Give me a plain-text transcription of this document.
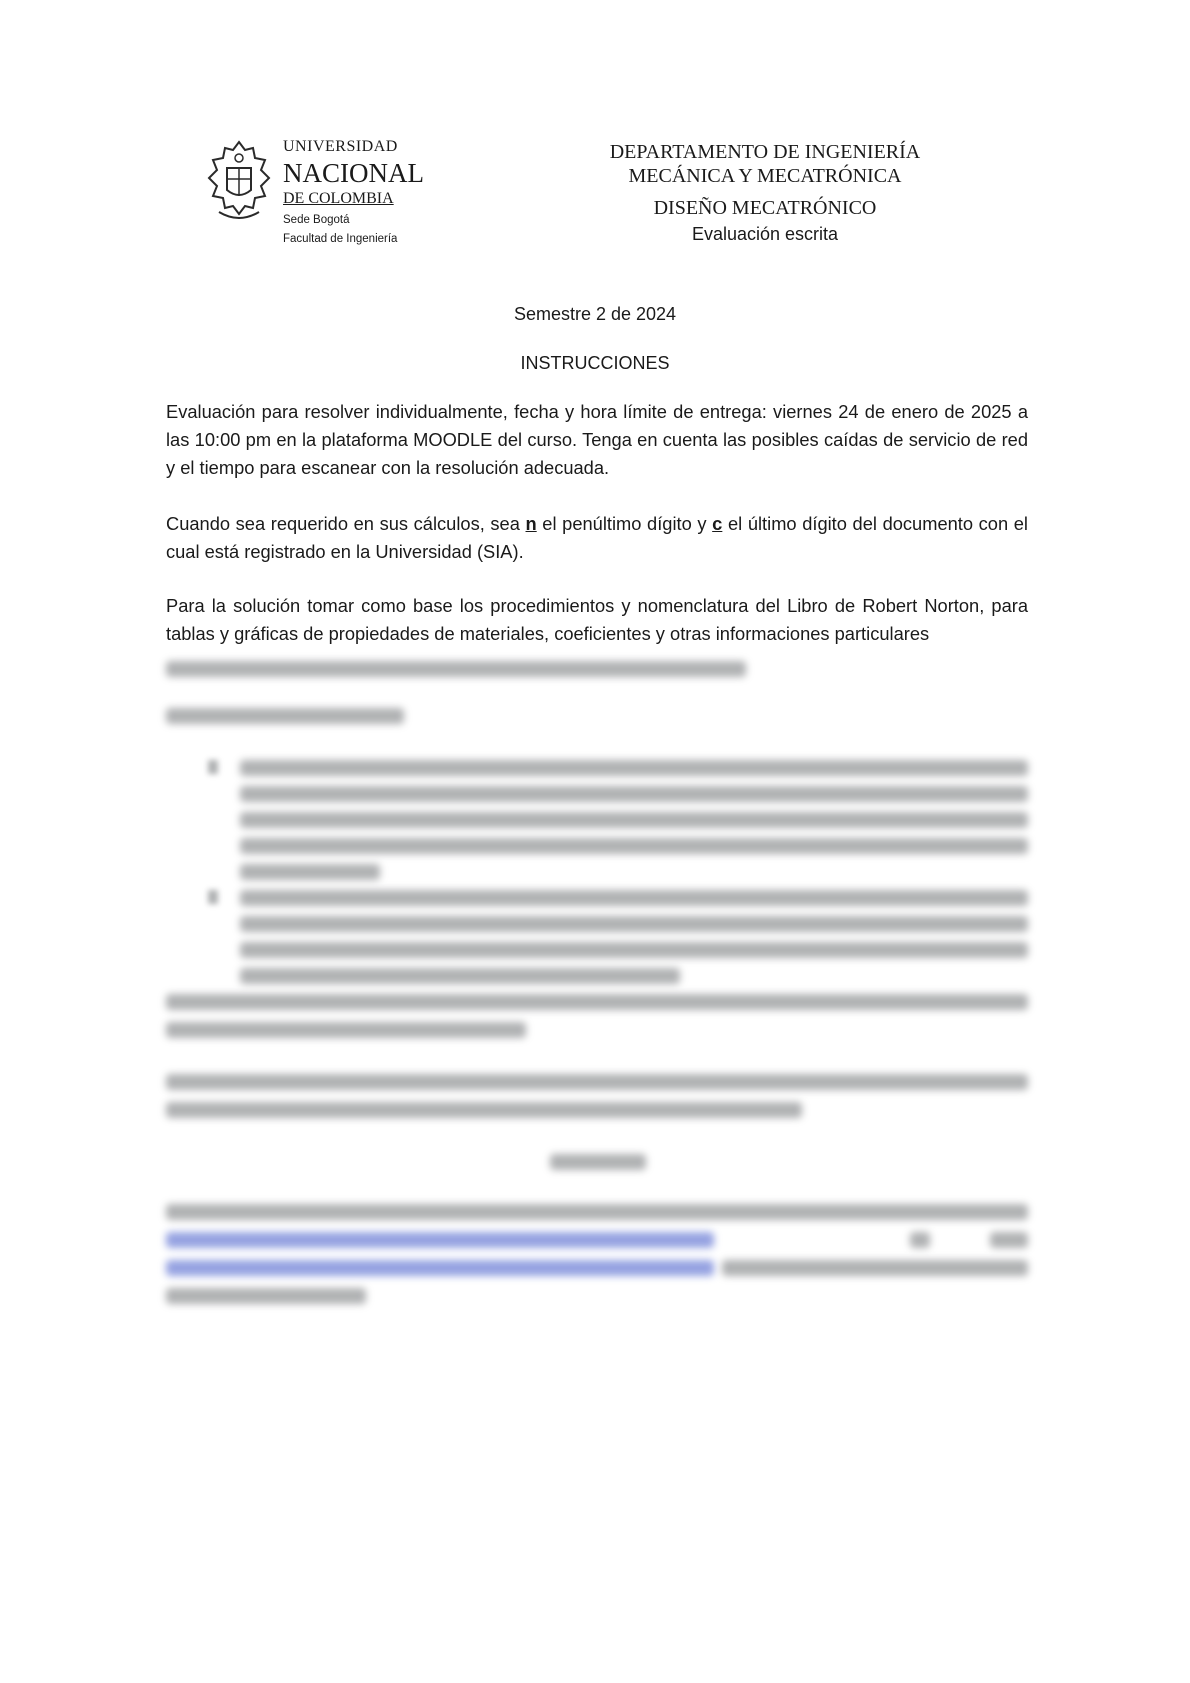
UNIVERSIDAD
NACIONAL
DE COLOMBIA
Sede Bogotá
Facultad de Ingeniería
DEPARTAMENTO DE INGENIERÍA
MECÁNICA Y MECATRÓNICA
DISEÑO MECATRÓNICO
Evaluación escrita
Semestre 2 de 2024
INSTRUCCIONES
Evaluación para resolver individualmente, fecha y hora límite de entrega: viernes 24 de enero de 2025 a las 10:00 pm en la plataforma MOODLE del curso. Tenga en cuenta las posibles caídas de servicio de red y el tiempo para escanear con la resolución adecuada.
Cuando sea requerido en sus cálculos, sea n el penúltimo dígito y c el último dígito del documento con el cual está registrado en la Universidad (SIA).
Para la solución tomar como base los procedimientos y nomenclatura del Libro de Robert Norton, para tablas y gráficas de propiedades de materiales, coeficientes y otras informaciones particulares
